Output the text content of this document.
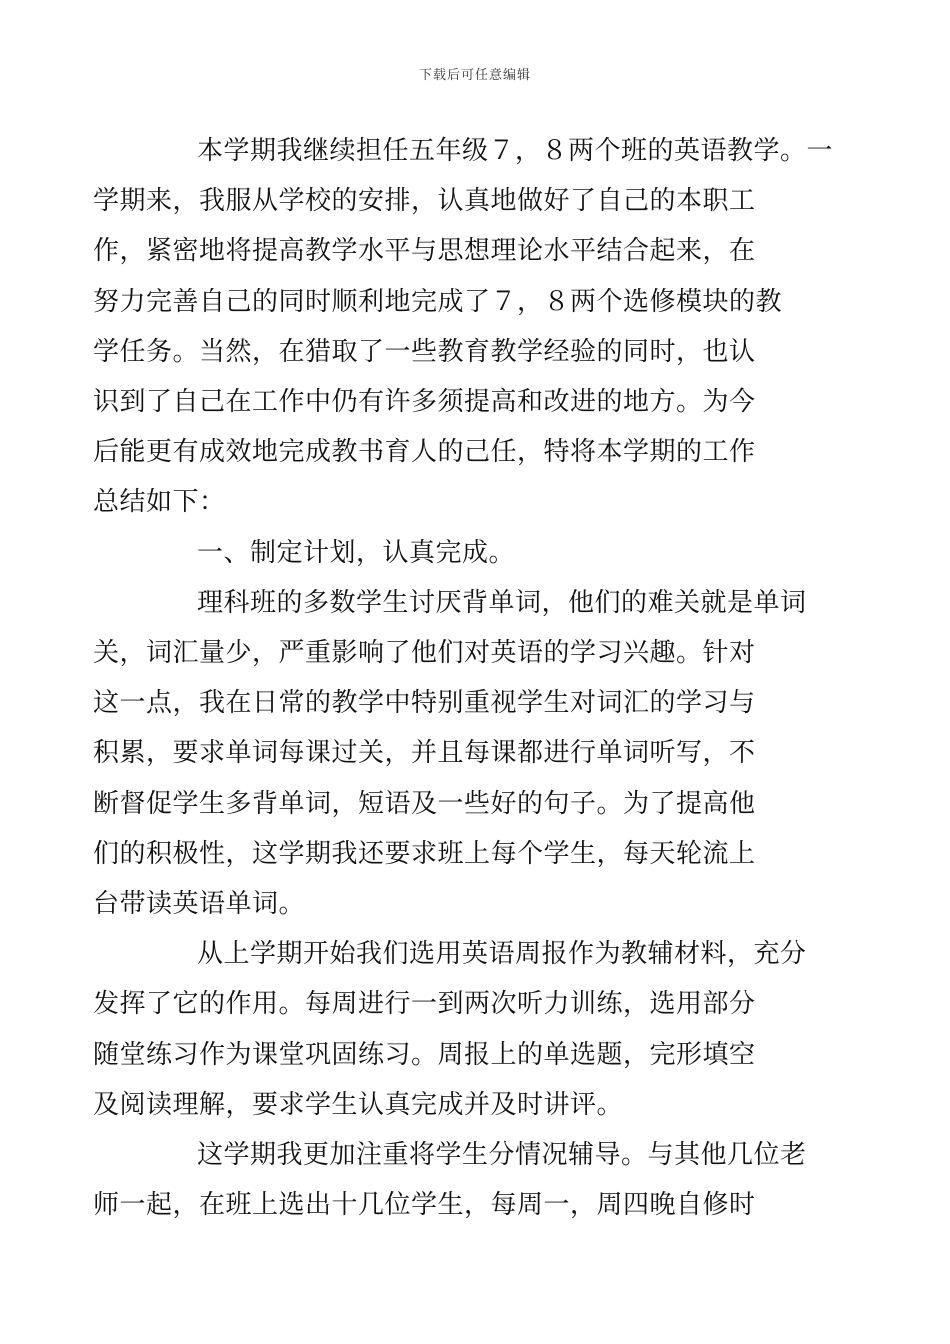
下载后可任意编辑

本学期我继续担任五年级７，８两个班的英语教学。一
学期来，我服从学校的安排，认真地做好了自己的本职工
作，紧密地将提高教学水平与思想理论水平结合起来，在
努力完善自己的同时顺利地完成了７，８两个选修模块的教
学任务。当然，在猎取了一些教育教学经验的同时，也认
识到了自己在工作中仍有许多须提高和改进的地方。为今
后能更有成效地完成教书育人的己任，特将本学期的工作
总结如下：

一、制定计划，认真完成。

理科班的多数学生讨厌背单词，他们的难关就是单词
关，词汇量少，严重影响了他们对英语的学习兴趣。针对
这一点，我在日常的教学中特别重视学生对词汇的学习与
积累，要求单词每课过关，并且每课都进行单词听写，不
断督促学生多背单词，短语及一些好的句子。为了提高他
们的积极性，这学期我还要求班上每个学生，每天轮流上
台带读英语单词。

从上学期开始我们选用英语周报作为教辅材料，充分
发挥了它的作用。每周进行一到两次听力训练，选用部分
随堂练习作为课堂巩固练习。周报上的单选题，完形填空
及阅读理解，要求学生认真完成并及时讲评。

这学期我更加注重将学生分情况辅导。与其他几位老
师一起，在班上选出十几位学生，每周一，周四晚自修时
